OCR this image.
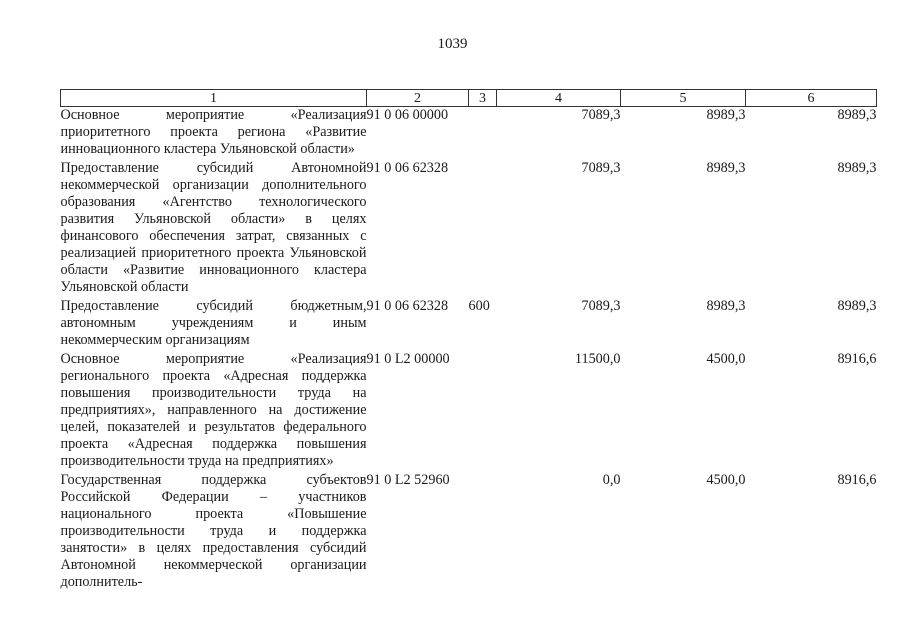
1039
1	2	3	4	5	6
Основное мероприятие «Реализация приоритетного проекта региона «Развитие инновационного кластера Ульяновской области»	91 0 06 00000		7089,3	8989,3	8989,3
Предоставление субсидий Автономной некоммерческой организации дополнительного образования «Агентство технологического развития Ульяновской области» в целях финансового обеспечения затрат, связанных с реализацией приоритетного проекта Ульяновской области «Развитие инновационного кластера Ульяновской области	91 0 06 62328		7089,3	8989,3	8989,3
Предоставление субсидий бюджетным, автономным учреждениям и иным некоммерческим организациям	91 0 06 62328	600	7089,3	8989,3	8989,3
Основное мероприятие «Реализация регионального проекта «Адресная поддержка повышения производительности труда на предприятиях», направленного на достижение целей, показателей и результатов федерального проекта «Адресная поддержка повышения производительности труда на предприятиях»	91 0 L2 00000		11500,0	4500,0	8916,6
Государственная поддержка субъектов Российской Федерации – участников национального проекта «Повышение производительности труда и поддержка занятости» в целях предоставления субсидий Автономной некоммерческой организации дополнитель-	91 0 L2 52960		0,0	4500,0	8916,6
